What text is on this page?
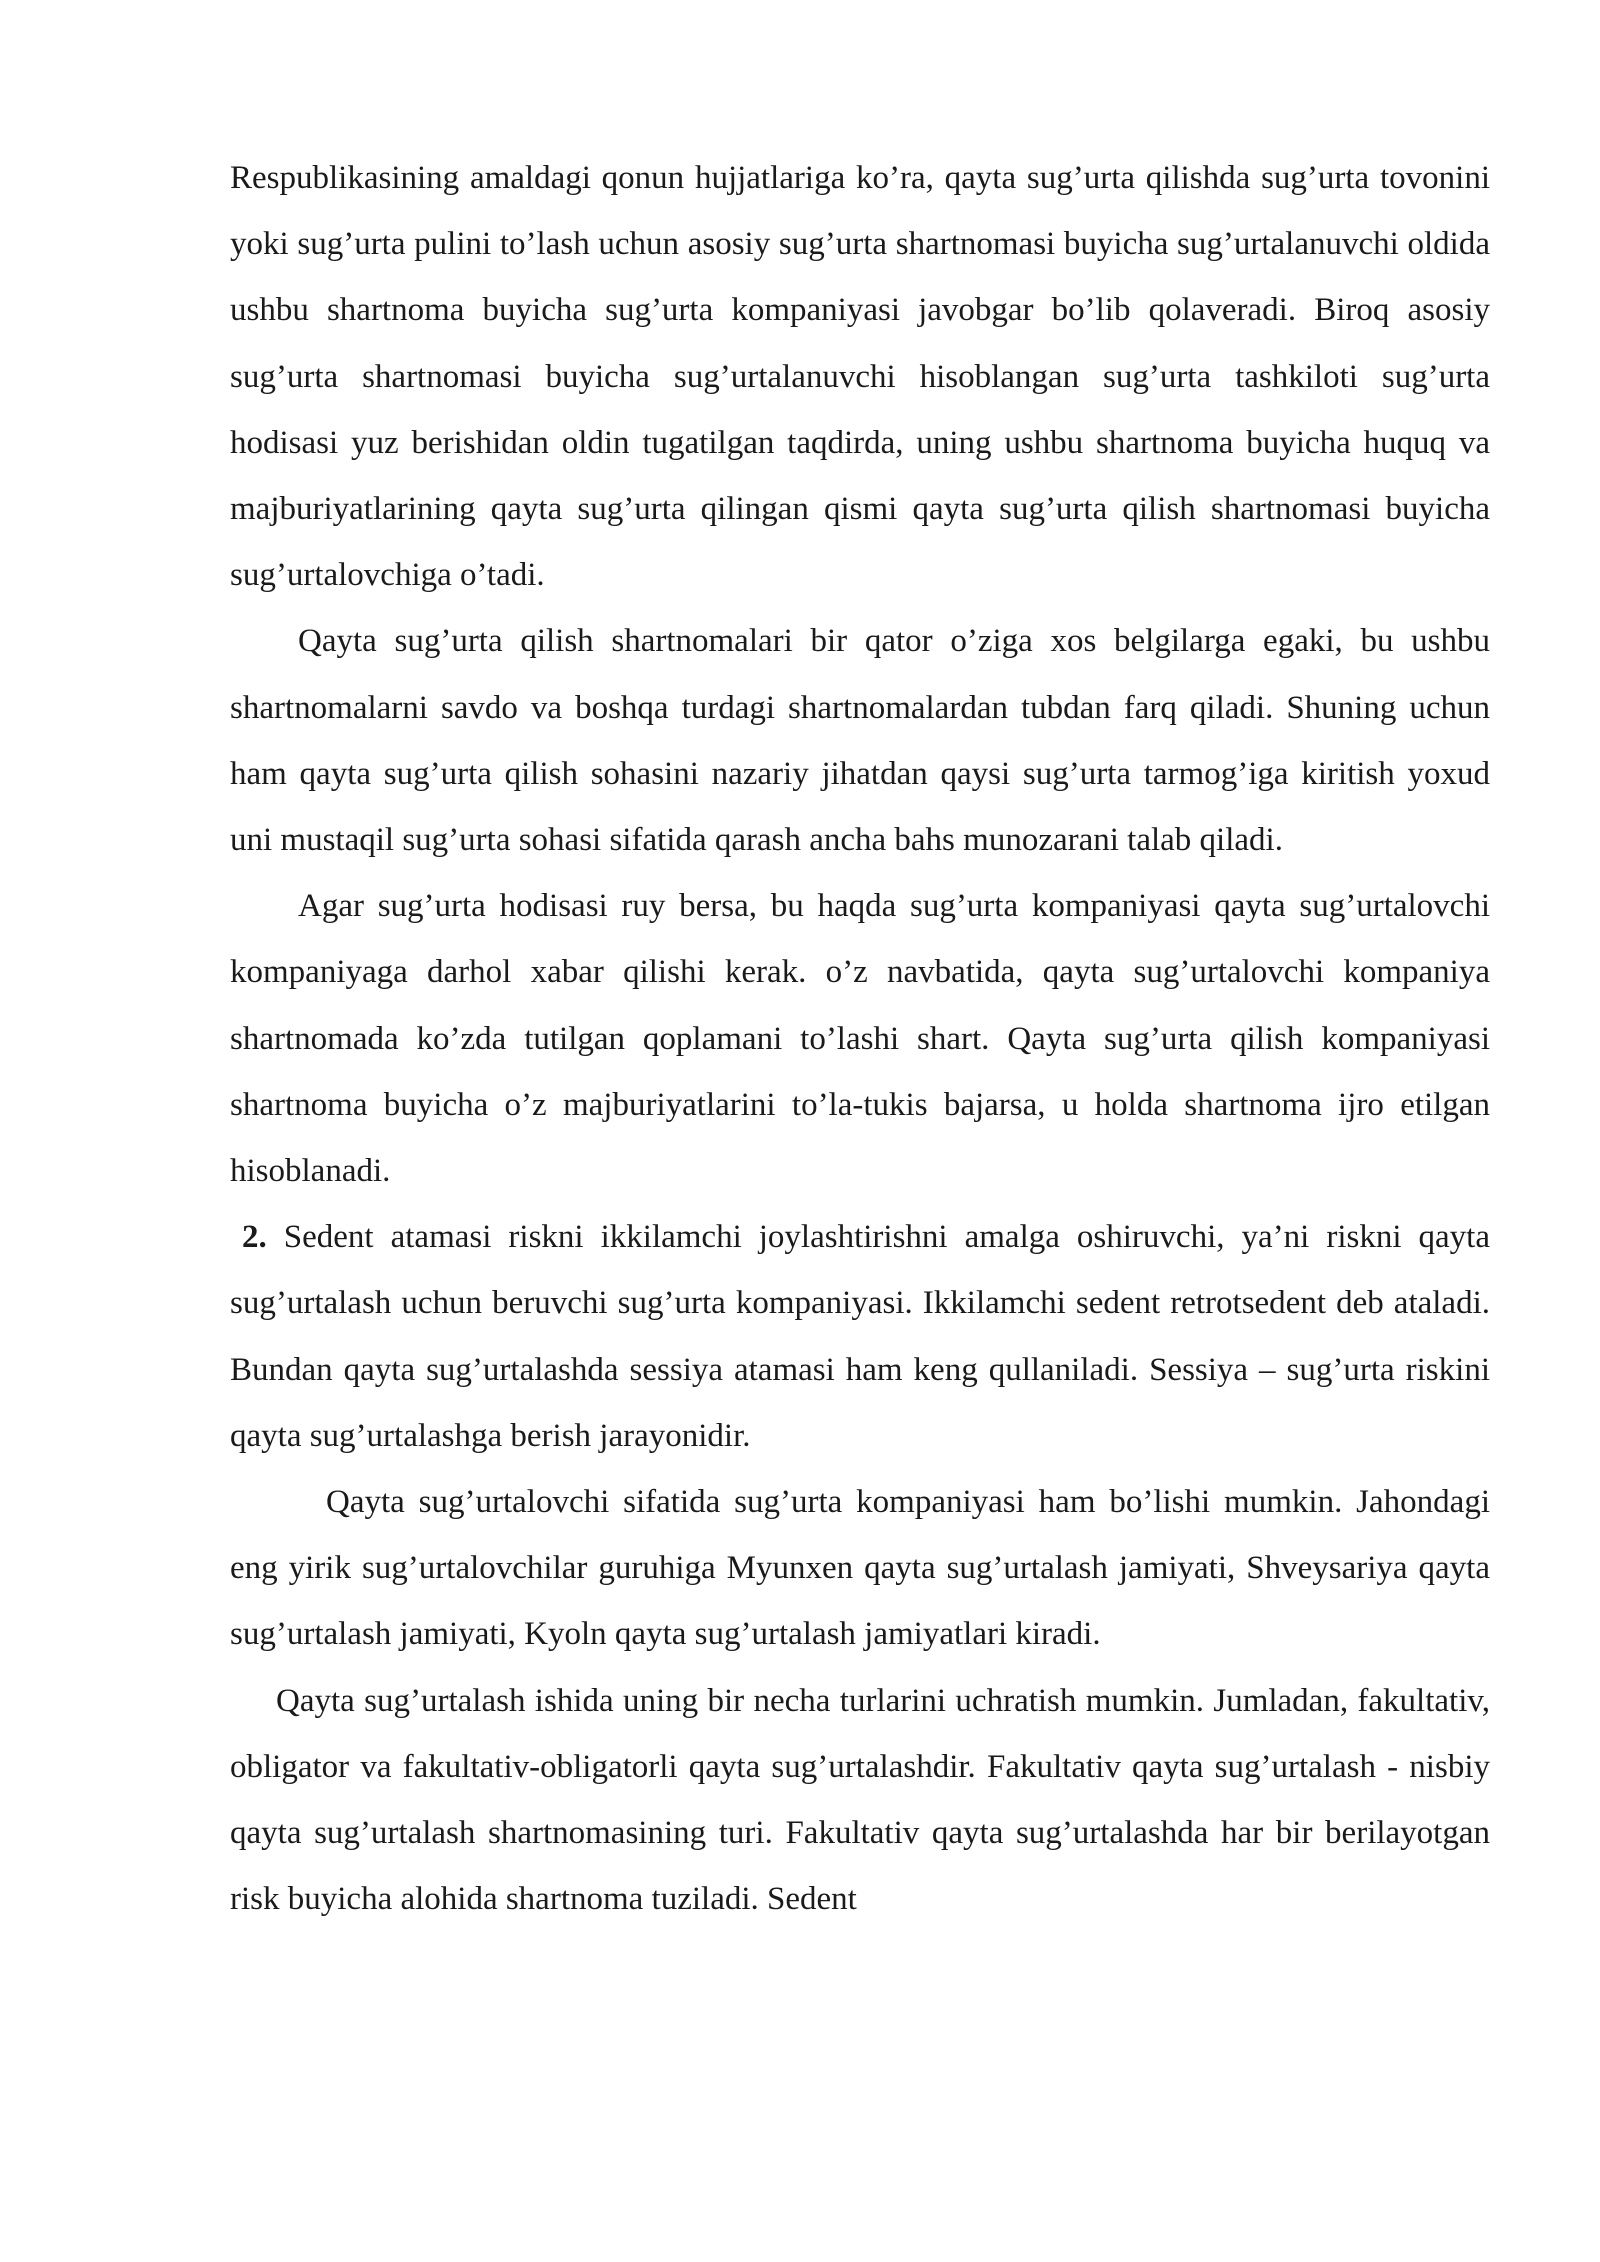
Respublikasining amaldagi qonun hujjatlariga ko’ra, qayta sug’urta qilishda sug’urta tovonini yoki sug’urta pulini to’lash uchun asosiy sug’urta shartnomasi buyicha sug’urtalanuvchi oldida ushbu shartnoma buyicha sug’urta kompaniyasi javobgar bo’lib qolaveradi. Biroq asosiy sug’urta shartnomasi buyicha sug’urtalanuvchi hisoblangan sug’urta tashkiloti sug’urta hodisasi yuz berishidan oldin tugatilgan taqdirda, uning ushbu shartnoma buyicha huquq va majburiyatlarining qayta sug’urta qilingan qismi qayta sug’urta qilish shartnomasi buyicha sug’urtalovchiga o’tadi.

Qayta sug’urta qilish shartnomalari bir qator o’ziga xos belgilarga egaki, bu ushbu shartnomalarni savdo va boshqa turdagi shartnomalardan tubdan farq qiladi. Shuning uchun ham qayta sug’urta qilish sohasini nazariy jihatdan qaysi sug’urta tarmog’iga kiritish yoxud uni mustaqil sug’urta sohasi sifatida qarash ancha bahs munozarani talab qiladi.

Agar sug’urta hodisasi ruy bersa, bu haqda sug’urta kompaniyasi qayta sug’urtalovchi kompaniyaga darhol xabar qilishi kerak. o’z navbatida, qayta sug’urtalovchi kompaniya shartnomada ko’zda tutilgan qoplamani to’lashi shart. Qayta sug’urta qilish kompaniyasi shartnoma buyicha o’z majburiyatlarini to’la-tukis bajarsa, u holda shartnoma ijro etilgan hisoblanadi.

2. Sedent atamasi riskni ikkilamchi joylashtirishni amalga oshiruvchi, ya’ni riskni qayta sug’urtalash uchun beruvchi sug’urta kompaniyasi. Ikkilamchi sedent retrotsedent deb ataladi. Bundan qayta sug’urtalashda sessiya atamasi ham keng qullaniladi. Sessiya – sug’urta riskini qayta sug’urtalashga berish jarayonidir.

Qayta sug’urtalovchi sifatida sug’urta kompaniyasi ham bo’lishi mumkin. Jahondagi eng yirik sug’urtalovchilar guruhiga Myunxen qayta sug’urtalash jamiyati, Shveysariya qayta sug’urtalash jamiyati, Kyoln qayta sug’urtalash jamiyatlari kiradi.

Qayta sug’urtalash ishida uning bir necha turlarini uchratish mumkin. Jumladan, fakultativ, obligator va fakultativ-obligatorli qayta sug’urtalashdir. Fakultativ qayta sug’urtalash - nisbiy qayta sug’urtalash shartnomasining turi. Fakultativ qayta sug’urtalashda har bir berilayotgan risk buyicha alohida shartnoma tuziladi. Sedent
